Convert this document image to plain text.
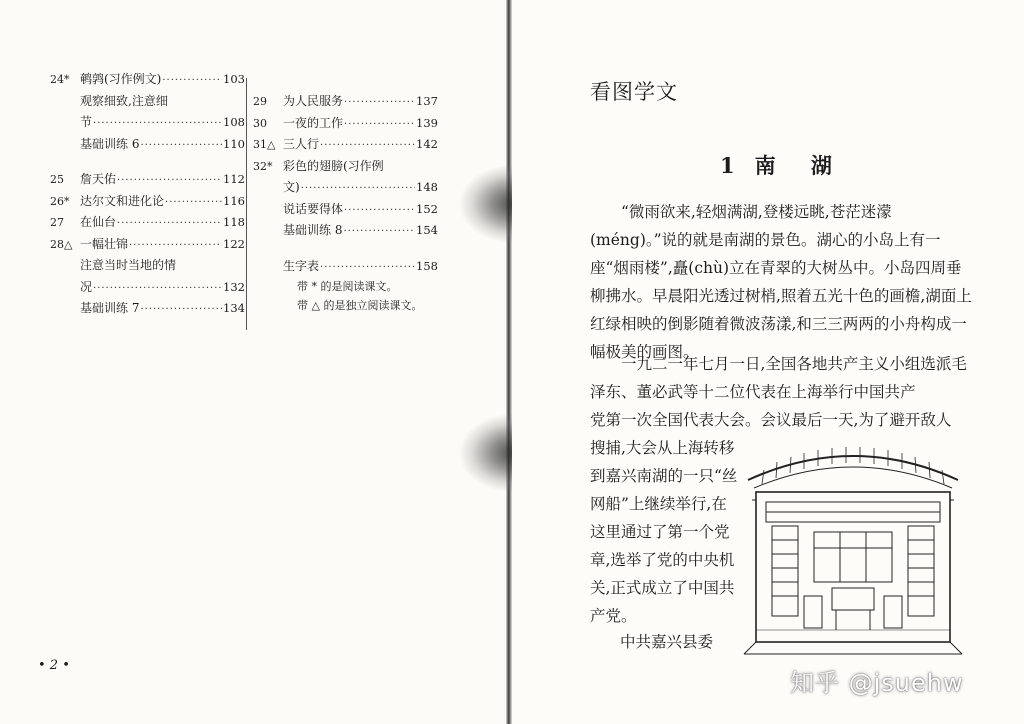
24* 鹌鹑(习作例文) ·····	103
观察细致,注意细
节 ·····	108
基础训练 6 ·····	110
25	詹天佑 ·····	112
26* 达尔文和进化论 ·····	116
27	在仙台 ·····	118
28△ 一幅壮锦 ·····	122
注意当时当地的情
况 ·····	132
基础训练 7 ·····	134
29	为人民服务 ·····	137
30	一夜的工作 ·····	139
31△ 三人行 ·····	142
32* 彩色的翅膀(习作例
文) ·····	148
说话要得体 ·····	152
基础训练 8 ·····	154
生字表 ·····	158
带 * 的是阅读课文。
带 △ 的是独立阅读课文。
• 2 •
看图学文
1 南 湖
“微雨欲来,轻烟满湖,登楼远眺,苍茫迷濛(méng)。”说的就是南湖的景色。湖心的小岛上有一座“烟雨楼”,矗(chù)立在青翠的大树丛中。小岛四周垂柳拂水。早晨阳光透过树梢,照着五光十色的画檐,湖面上红绿相映的倒影随着微波荡漾,和三三两两的小舟构成一幅极美的画图。
一九二一年七月一日,全国各地共产主义小组选派毛泽东、董必武等十二位代表在上海举行中国共产
党第一次全国代表大会。会议最后一天,为了避开敌人
搜捕,大会从上海转移到嘉兴南湖的一只“丝网船”上继续举行,在这里通过了第一个党章,选举了党的中央机关,正式成立了中国共产党。
中共嘉兴县委
知乎 @jsuehw
